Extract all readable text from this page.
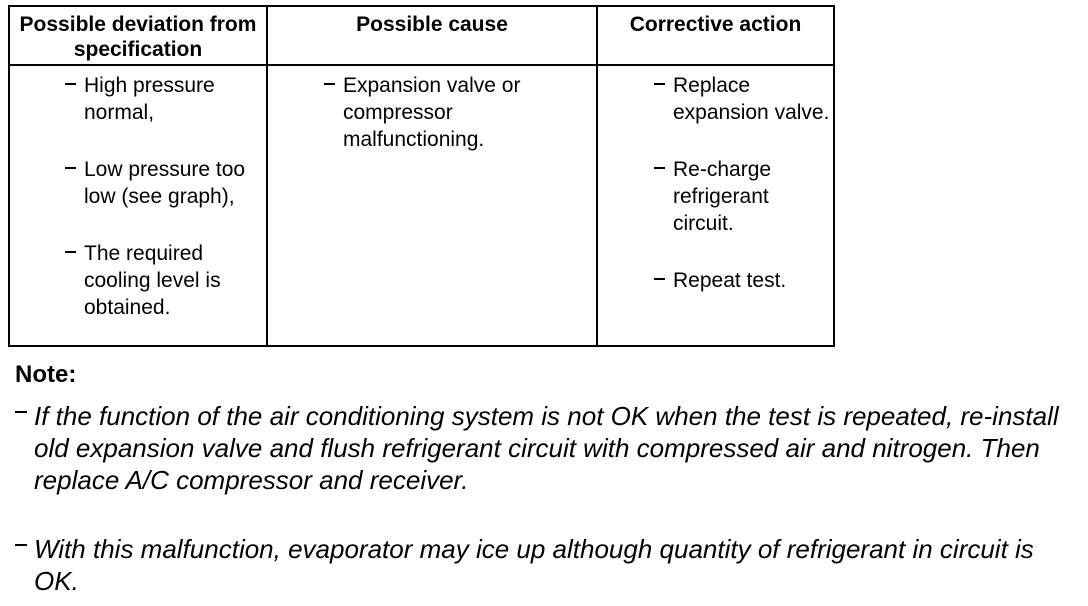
Possible deviation from specification
Possible cause	Corrective action
High pressure normal,
Low pressure too low (see graph),
The required cooling level is obtained.
Expansion valve or compressor malfunctioning.
Replace expansion valve.
Re-charge refrigerant circuit.
Repeat test.
Note:
If the function of the air conditioning system is not OK when the test is repeated, re-install old expansion valve and flush refrigerant circuit with compressed air and nitrogen. Then replace A/C compressor and receiver.
With this malfunction, evaporator may ice up although quantity of refrigerant in circuit is OK.
